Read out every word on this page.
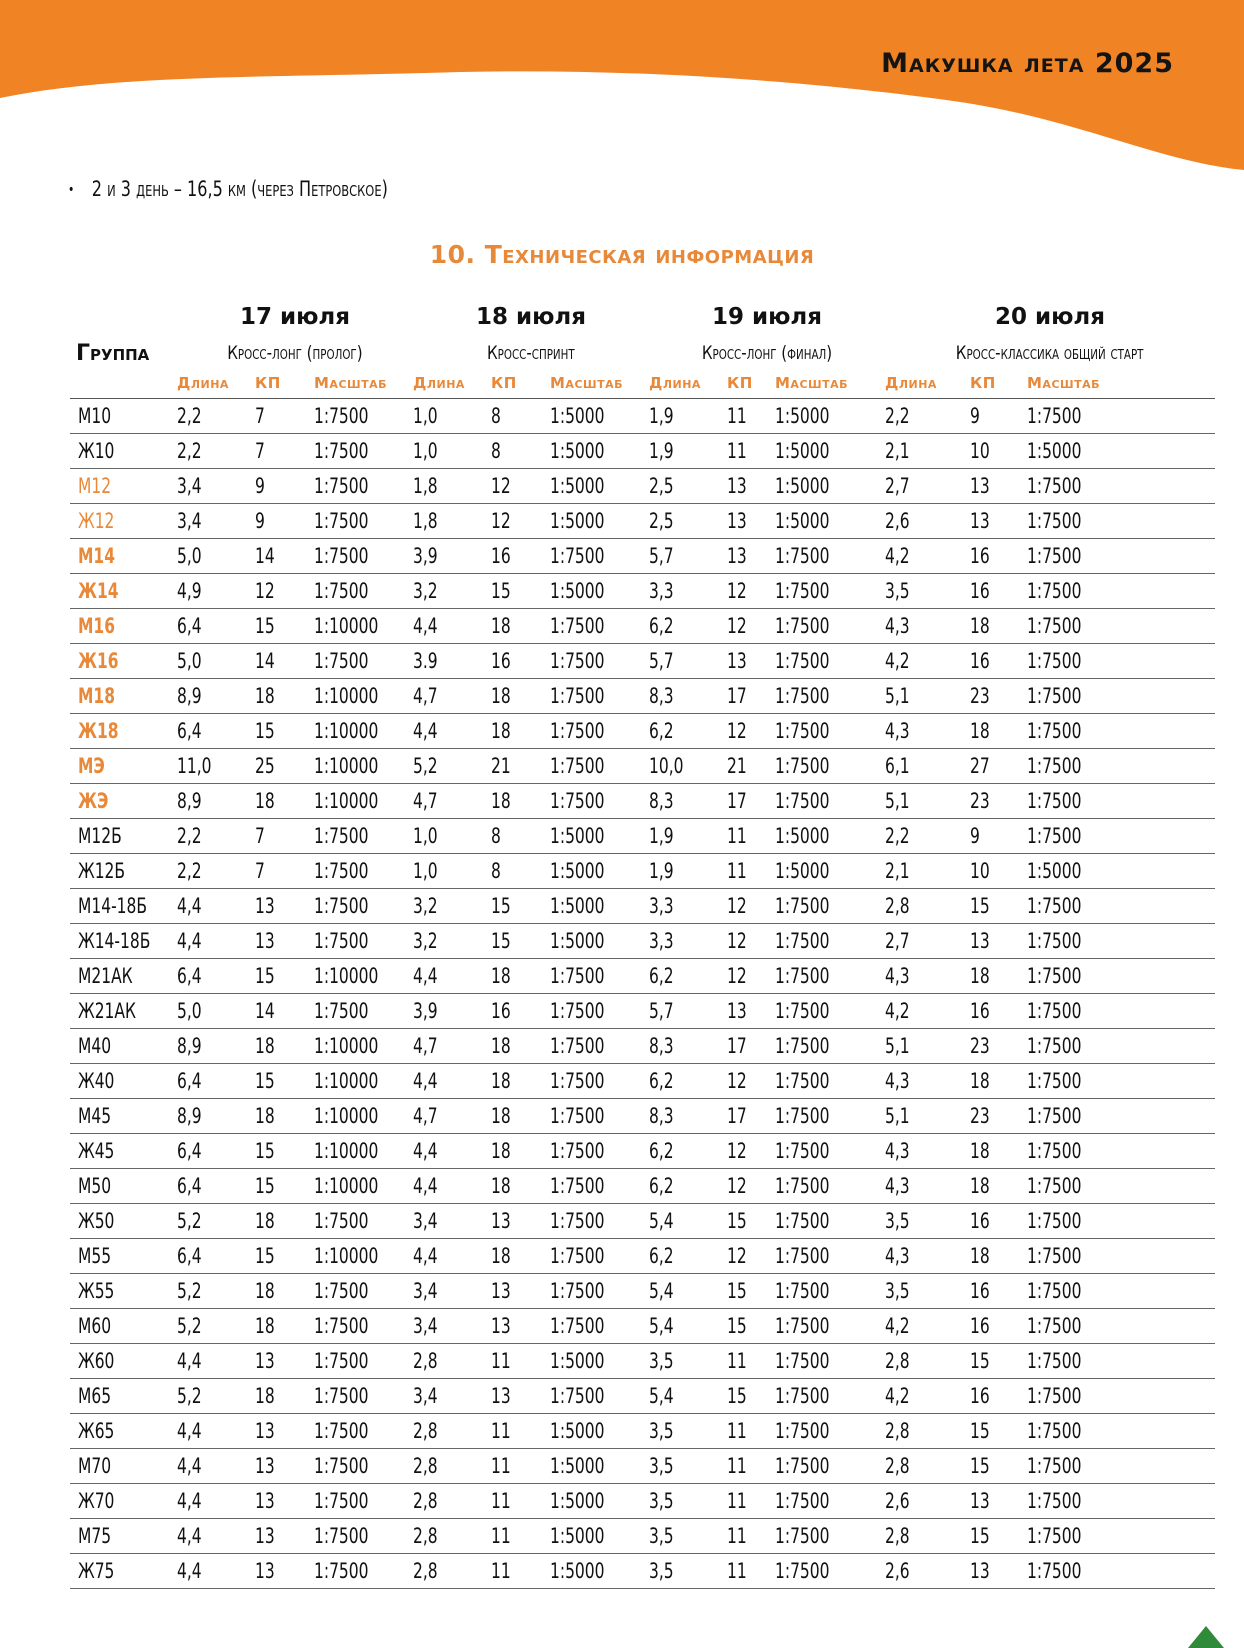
Макушка лета 2025
• 2 и 3 день – 16,5 км (через Петровское)
10. Техническая информация
Группа	17 июля			18 июля			19 июля			20 июля		
	Кросс-лонг (пролог)			Кросс-спринт			Кросс-лонг (финал)			Кросс-классика общий старт		
	Длина	КП	Масштаб	Длина	КП	Масштаб	Длина	КП	Масштаб	Длина	КП	Масштаб
М10	2,2	7	1:7500	1,0	8	1:5000	1,9	11	1:5000	2,2	9	1:7500
Ж10	2,2	7	1:7500	1,0	8	1:5000	1,9	11	1:5000	2,1	10	1:5000
М12	3,4	9	1:7500	1,8	12	1:5000	2,5	13	1:5000	2,7	13	1:7500
Ж12	3,4	9	1:7500	1,8	12	1:5000	2,5	13	1:5000	2,6	13	1:7500
М14	5,0	14	1:7500	3,9	16	1:7500	5,7	13	1:7500	4,2	16	1:7500
Ж14	4,9	12	1:7500	3,2	15	1:5000	3,3	12	1:7500	3,5	16	1:7500
М16	6,4	15	1:10000	4,4	18	1:7500	6,2	12	1:7500	4,3	18	1:7500
Ж16	5,0	14	1:7500	3.9	16	1:7500	5,7	13	1:7500	4,2	16	1:7500
М18	8,9	18	1:10000	4,7	18	1:7500	8,3	17	1:7500	5,1	23	1:7500
Ж18	6,4	15	1:10000	4,4	18	1:7500	6,2	12	1:7500	4,3	18	1:7500
МЭ	11,0	25	1:10000	5,2	21	1:7500	10,0	21	1:7500	6,1	27	1:7500
ЖЭ	8,9	18	1:10000	4,7	18	1:7500	8,3	17	1:7500	5,1	23	1:7500
М12Б	2,2	7	1:7500	1,0	8	1:5000	1,9	11	1:5000	2,2	9	1:7500
Ж12Б	2,2	7	1:7500	1,0	8	1:5000	1,9	11	1:5000	2,1	10	1:5000
М14-18Б	4,4	13	1:7500	3,2	15	1:5000	3,3	12	1:7500	2,8	15	1:7500
Ж14-18Б	4,4	13	1:7500	3,2	15	1:5000	3,3	12	1:7500	2,7	13	1:7500
М21АК	6,4	15	1:10000	4,4	18	1:7500	6,2	12	1:7500	4,3	18	1:7500
Ж21АК	5,0	14	1:7500	3,9	16	1:7500	5,7	13	1:7500	4,2	16	1:7500
М40	8,9	18	1:10000	4,7	18	1:7500	8,3	17	1:7500	5,1	23	1:7500
Ж40	6,4	15	1:10000	4,4	18	1:7500	6,2	12	1:7500	4,3	18	1:7500
М45	8,9	18	1:10000	4,7	18	1:7500	8,3	17	1:7500	5,1	23	1:7500
Ж45	6,4	15	1:10000	4,4	18	1:7500	6,2	12	1:7500	4,3	18	1:7500
М50	6,4	15	1:10000	4,4	18	1:7500	6,2	12	1:7500	4,3	18	1:7500
Ж50	5,2	18	1:7500	3,4	13	1:7500	5,4	15	1:7500	3,5	16	1:7500
М55	6,4	15	1:10000	4,4	18	1:7500	6,2	12	1:7500	4,3	18	1:7500
Ж55	5,2	18	1:7500	3,4	13	1:7500	5,4	15	1:7500	3,5	16	1:7500
М60	5,2	18	1:7500	3,4	13	1:7500	5,4	15	1:7500	4,2	16	1:7500
Ж60	4,4	13	1:7500	2,8	11	1:5000	3,5	11	1:7500	2,8	15	1:7500
М65	5,2	18	1:7500	3,4	13	1:7500	5,4	15	1:7500	4,2	16	1:7500
Ж65	4,4	13	1:7500	2,8	11	1:5000	3,5	11	1:7500	2,8	15	1:7500
М70	4,4	13	1:7500	2,8	11	1:5000	3,5	11	1:7500	2,8	15	1:7500
Ж70	4,4	13	1:7500	2,8	11	1:5000	3,5	11	1:7500	2,6	13	1:7500
М75	4,4	13	1:7500	2,8	11	1:5000	3,5	11	1:7500	2,8	15	1:7500
Ж75	4,4	13	1:7500	2,8	11	1:5000	3,5	11	1:7500	2,6	13	1:7500
